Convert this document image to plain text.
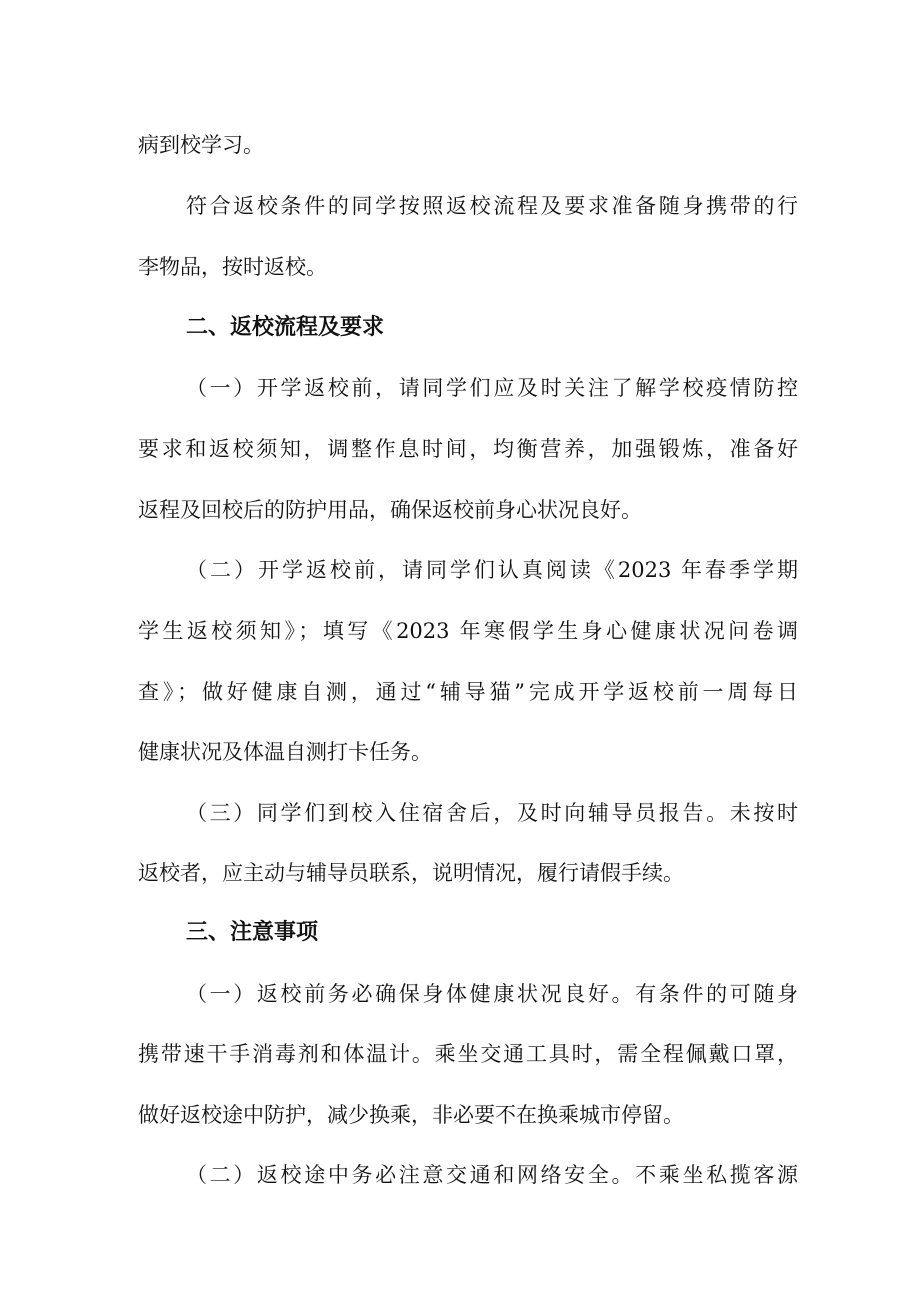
病到校学习。
符合返校条件的同学按照返校流程及要求准备随身携带的行
李物品，按时返校。
二、返校流程及要求
（一）开学返校前，请同学们应及时关注了解学校疫情防控
要求和返校须知，调整作息时间，均衡营养，加强锻炼，准备好
返程及回校后的防护用品，确保返校前身心状况良好。
（二）开学返校前，请同学们认真阅读《2023 年春季学期
学生返校须知》；填写《2023 年寒假学生身心健康状况问卷调
查》；做好健康自测，通过“辅导猫”完成开学返校前一周每日
健康状况及体温自测打卡任务。
（三）同学们到校入住宿舍后，及时向辅导员报告。未按时
返校者，应主动与辅导员联系，说明情况，履行请假手续。
三、注意事项
（一）返校前务必确保身体健康状况良好。有条件的可随身
携带速干手消毒剂和体温计。乘坐交通工具时，需全程佩戴口罩，
做好返校途中防护，减少换乘，非必要不在换乘城市停留。
（二）返校途中务必注意交通和网络安全。不乘坐私揽客源
